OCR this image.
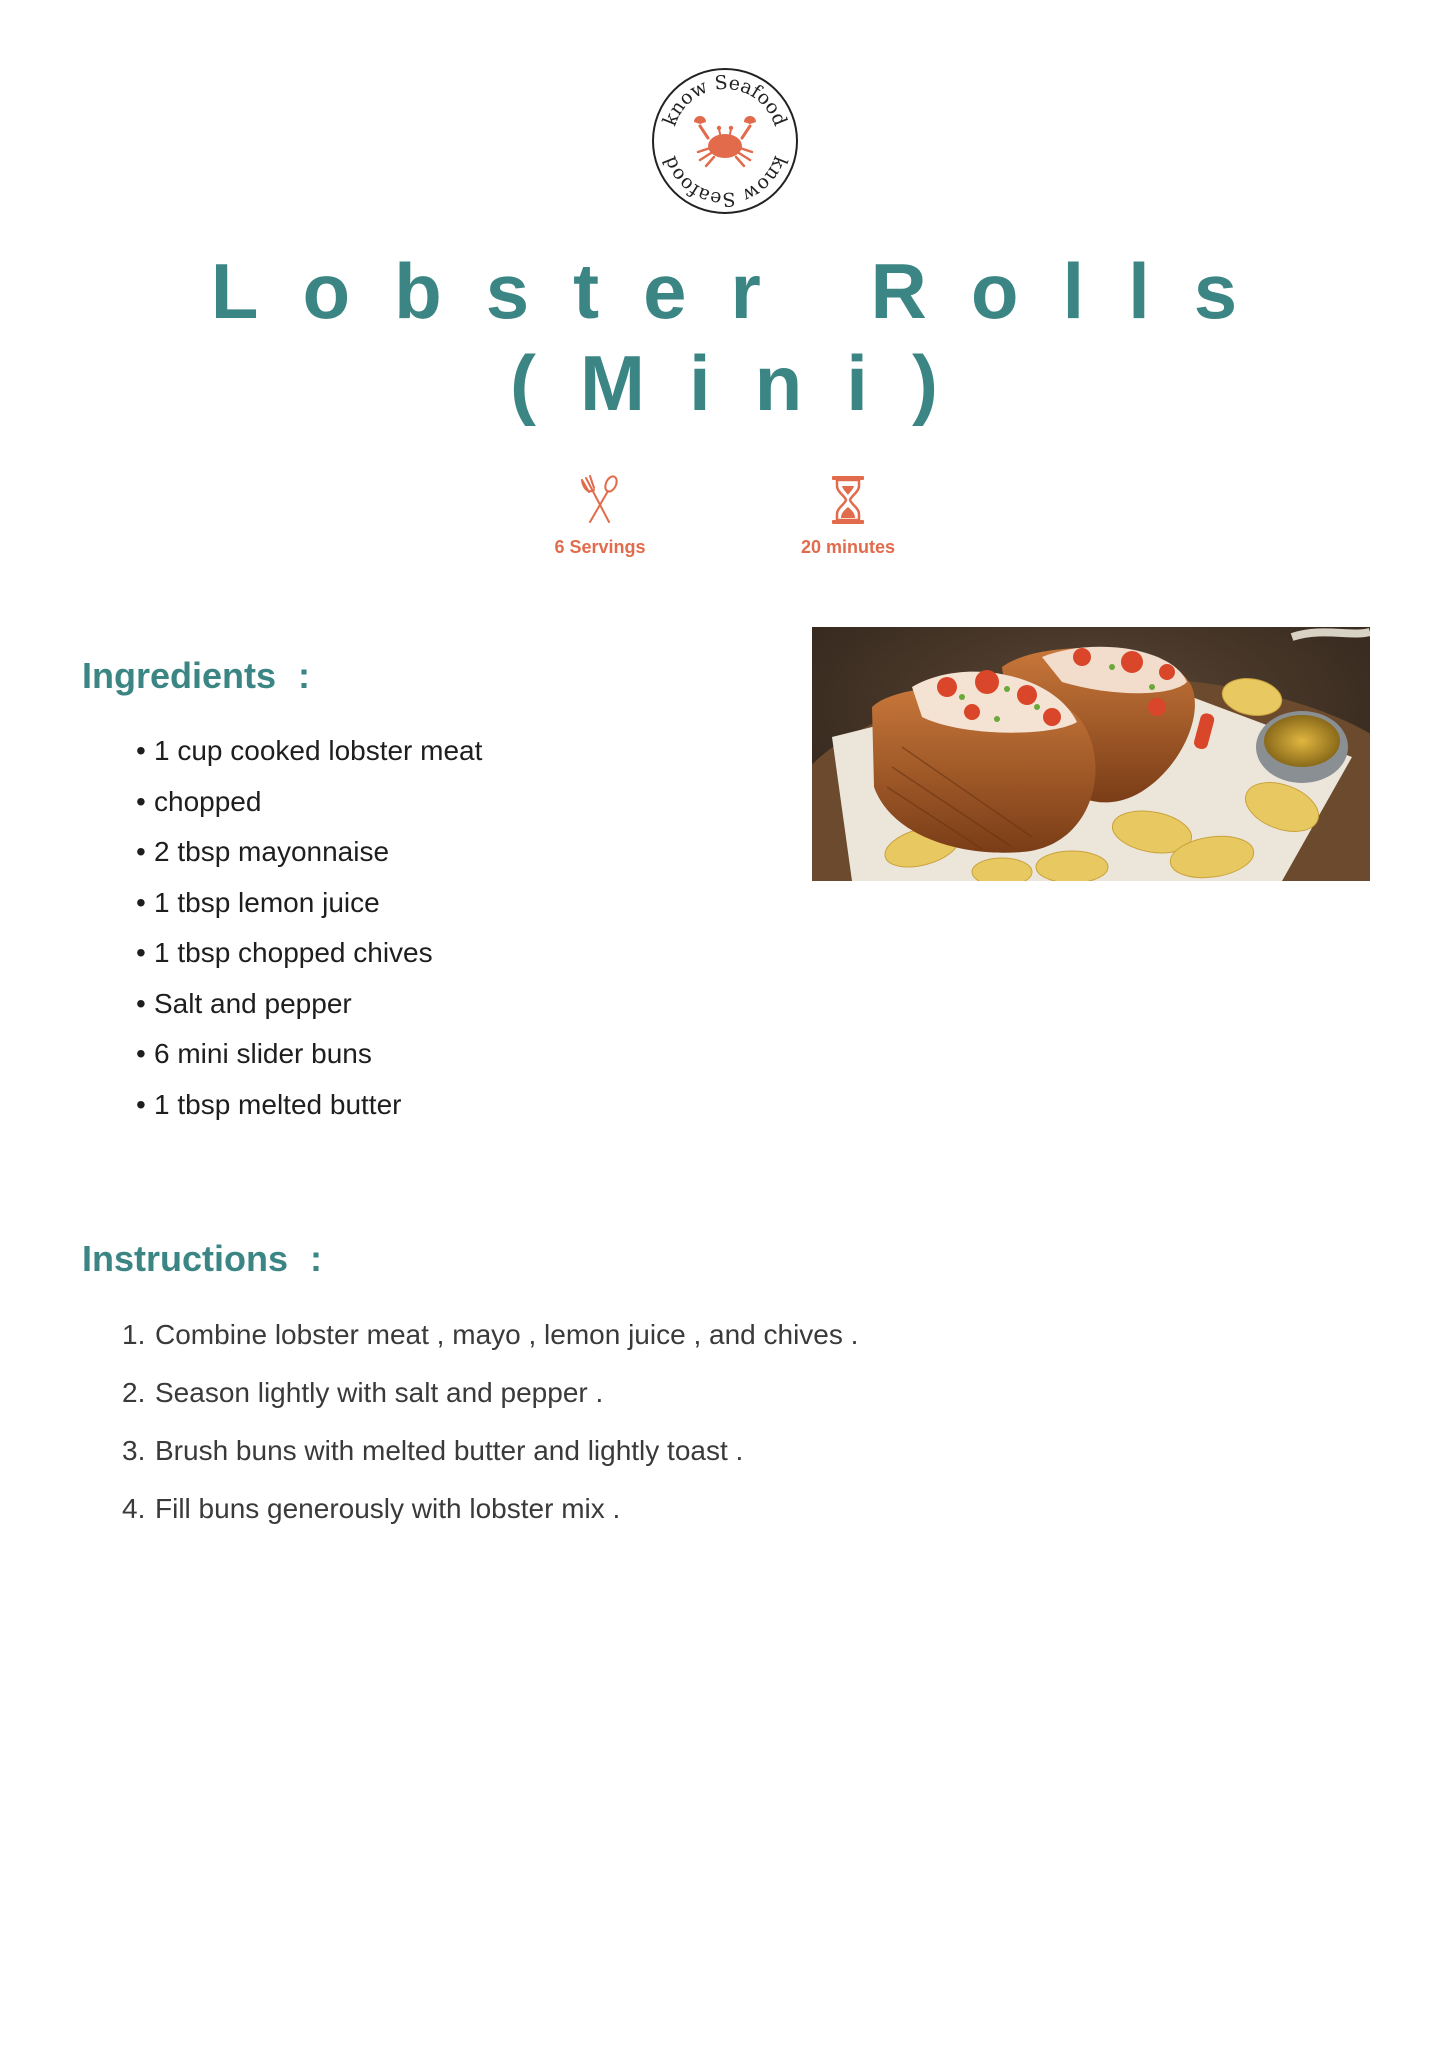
know Seafood
know Seafood
Lobster Rolls
(Mini)
6 Servings	20 minutes
Ingredients :
• 1 cup cooked lobster meat
• chopped
• 2 tbsp mayonnaise
• 1 tbsp lemon juice
• 1 tbsp chopped chives
• Salt and pepper
• 6 mini slider buns
• 1 tbsp melted butter
Instructions :
1. Combine lobster meat , mayo , lemon juice , and chives .
2. Season lightly with salt and pepper .
3. Brush buns with melted butter and lightly toast .
4. Fill buns generously with lobster mix .
